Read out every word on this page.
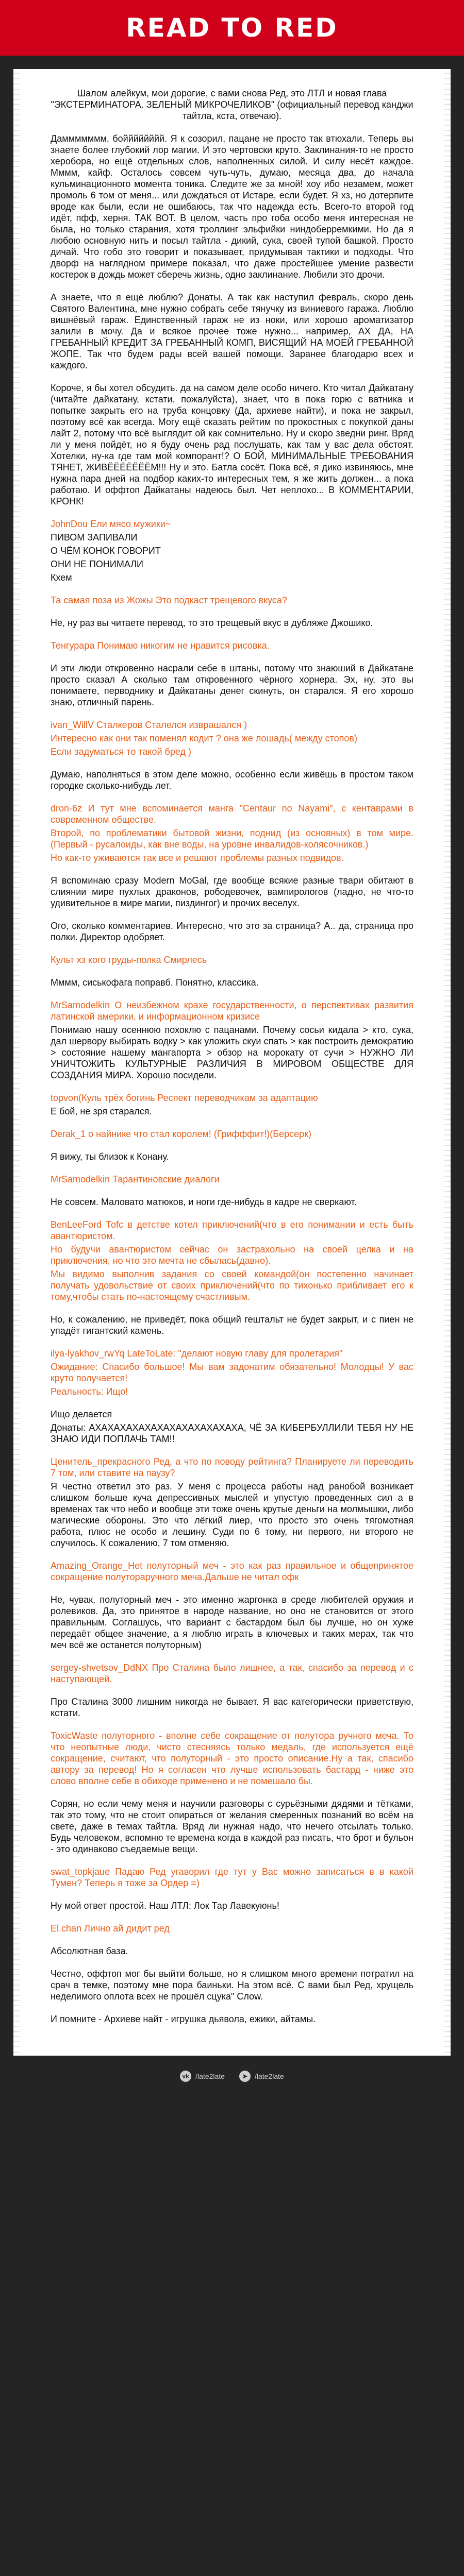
READ TO RED
Шалом алейкум, мои дорогие, с вами снова Ред, это ЛТЛ и новая глава "ЭКСТЕРМИНАТОРА. ЗЕЛЕНЫЙ МИКРОЧЕЛИКОВ" (официальный перевод канджи тайтла, кста, отвечаю).
Даммммммм, бойййййййй. Я к созорил, пацане не просто так втюхали. Теперь вы знаете более глубокий лор магии. И это чертовски круто. Заклинания-то не просто хероборa, но ещё отдельных слов, наполненных силой. И силу несёт каждое. Мммм, кайф. Осталось совсем чуть-чуть, думаю, месяца два, до начала кульминационного момента тоника. Следите же за мной! хоу ибо незамем, может промоль 6 том от меня... или дождаться от Истаре, если будет. Я хз, но дотерпите вроде как были, если не ошибаюсь, так что надежда есть. Всего-то второй год идёт, пфф, херня. ТАК ВОТ. В целом, часть про гоба особо меня интересная не была, но только старания, хотя троллинг эльфийки ниндоберремкими. Но да я любою основную нить и посыл тайтла - дикий, сука, своей тупой башкой. Просто дичай. Что гобо это говорит и показывает, придумывая тактики и подходы. Что дворф на наглядном примере показал, что даже простейшее умение развести костерок в дождь может сбеpечь жизнь, одно заклинание. Любили это дрочи.
А знаете, что я ещё люблю? Донаты. А так как наступил февраль, скоро день Святого Валентина, мне нужно собрать себе тянучку из виниевого гаража. Люблю вишнёвый гараж. Единственный гараж не из ноки, или хорошо ароматизатор залили в мочу. Да и всякое прочее тоже нужно... например, АХ ДА, НА ГРЕБАННЫЙ КРЕДИТ ЗА ГРЕБАННЫЙ КОМП, ВИСЯЩИЙ НА МОЕЙ ГРЕБАННОЙ ЖОПЕ. Так что будем рады всей вашей помощи. Заранее благодарю всех и каждого.
Короче, я бы хотел обсудить. да на самом деле особо ничего. Кто читал Дайкатану (читайте дайкатану, кстати, пожалуйста), знает, что в пока горю с ватника и попытке закрыть его на труба концовку (Да, архиеве найти), и пока не закрыл, поэтому всё как всегда. Могу ещё сказать рейтим по прокостных с покупкой даны лайт 2, потому что всё выглядит ой как сомнительно. Ну и скоро зведни ринг. Вряд ли у меня пойдёт, но я буду очень рад послушать, как там у вас дела обстоят. Хотелки, ну-ка где там мой компорант!? О БОЙ, МИНИМАЛЬНЫЕ ТРЕБОВАНИЯ ТЯНЕТ, ЖИВЁЁЁЁЁЁЁМ!!! Ну и это. Батла сосёт. Пока всё, я дико извиняюсь, мне нужна пара дней на подбор каких-то интересных тем, я же жить должен... а пока работаю. И оффтоп Дайкатаны надеюсь был. Чет неплохо... В КОММЕНТАРИИ, КРОНК!
JohnDou Ели мясо мужики~
ПИВОМ ЗАПИВАЛИ
О ЧЁМ КОНОК ГОВОРИТ
ОНИ НЕ ПОНИМАЛИ
Кхем
Та самая поза из Жожы Это подкаст трещевого вкуса?
Не, ну раз вы читаете перевод, то это трещевый вкус в дубляже Джошико.
Тенгурара Понимаю никогим не нравится рисовка.
И эти люди откровенно насрали себе в штаны, потому что знаюший в Дайкатане просто сказал А сколько там откровенного чёрного хорнера. Эх, ну, это вы понимаете, перводнику и Дайкатаны денег скинуть, он старался. Я его хорошо знаю, отличный парень.
ivan_WillV Сталкеров Сталелся изврашался )
Интересно как они так поменял кодит ? она же лошадь( между стопов)
Если задуматься то такой бред )
Думаю, наполняться в этом деле можно, особенно если живёшь в простом таком городке сколько-нибудь лет.
dron-6z И тут мне вспоминается манга "Centaur no Nayami", с кентаврами в современном обществе.
Второй, по проблематики бытовой жизни, поднид (из основных) в том мире. (Первый - русалоиды, как вне воды, на уровне инвалидов-колясочников.)
Но как-то уживаются так все и решают проблемы разных подвидов.
Я вспоминаю сразу Modern MoGal, где вообще всякие разные твари обитают в слиянии мире пухлых драконов, рободевочек, вампирологов (ладно, не что-то удивительное в мире магии, пиздингог) и прочих веселух.
Ого, сколько комментариев. Интересно, что это за страница? А.. да, страница про полки. Директор одобряет.
Культ хз кого груды-полка Смирлесь
Мммм, сиськофага поправб. Понятно, классика.
MrSamodelkin О неизбежном крахе государственности, о перспективах развития латинской америки, и информационном кризисе
Понимаю нашу осеннюю похоклю с пацанами. Почему сосьи кидала > кто, сука, дал шервору выбирать водку > как уложить скуи спать > как построить демократию > состояние нашему мангапорта > обзор на морокату от сучи > НУЖНО ЛИ УНИЧТОЖИТЬ КУЛЬТУРНЫЕ РАЗЛИЧИЯ В МИРОВОМ ОБЩЕСТВЕ ДЛЯ СОЗДАНИЯ МИРА. Хорошо посидели.
topvon(Куль трёх богинь Респект переводчикам за адаптацию
Е бой, не зря старался.
Derak_1 о найнике что стал королем! (Грифффит!)(Берсерк)
Я вижу, ты близок к Конану.
MrSamodelkin Тарантиновские диалоги
Не совсем. Маловато матюков, и ноги где-нибудь в кадре не сверкают.
BenLeeFord Тоfс в детстве котел приключений(что в его понимании и есть быть авантюристом.
Но будучи авантюристом сейчас он застрахольно на своей целка и на приключения, но что это мечта не сбылась(давно).
Мы видимо выполнив задания со своей командой(он постепенно начинает получать удовольствие от своих приключений(что по тихонько прибливает его к тому,чтобы стать по-настоящему счастливым.
Но, к сожалению, не приведёт, пока общий гештальт не будет закрыт, и с пиен не упадёт гигантский камень.
ilya-lyakhov_rwYq LateToLate: "делают новую главу для пролетария"
Ожидание: Спасибо большое! Мы вам задонатим обязательно! Молодцы! У вас круто получается!
Реальность: Ищо!
Ищо делается
Донаты: АХАХАХАХАХАХАХАХАХАХАХАХА, ЧЁ ЗА КИБЕРБУЛЛИЛИ ТЕБЯ НУ НЕ ЗНАЮ ИДИ ПОПЛАЧЬ ТАМ!!
Ценитель_прекрасного Ред, а что по поводу рейтинга? Планируете ли переводить 7 том, или ставите на паузу?
Я честно ответил это раз. У меня с процесса работы над ранобой возникает слишком больше куча депрессивных мыслей и упустую проведенных сил а в временах так что небо и вообще эти тоже очень крутые деньги на молмышки, либо магические обороны. Это что лёгкий лиер, что просто это очень тягомотная работа, плюс не особо и лешину. Суди по 6 тому, ни первого, ни второго не случилось. К сожалению, 7 том отменяю.
Amazing_Orange_Het полуторный меч - это как раз правильное и общепринятое сокращение полутораручного меча.Дальше не читал офк
Не, чувак, полуторный меч - это именно жаргонка в среде любителей оружия и ролевиков. Да, это принятое в народе название, но оно не становится от этого правильным. Соглашусь, что вариант с бастардом был бы лучше, но он хуже передаёт общее значение, а я люблю играть в ключевых и таких мерах, так что меч всё же останется полуторным)
sergey-shvetsov_DdNX Про Сталина было лишнее, а так, спасибо за перевод и с наступающей.
Про Сталина 3000 лишним никогда не бывает. Я вас категорически приветствую, кстати.
ToxicWaste полуторного - вполне себе сокращение от полутора ручного меча. То что неопытные люди, чисто стесняясь только медаль, где используется ещё сокращение, считают, что полуторный - это просто описание.Ну а так, спасибо автору за перевод! Но я согласен что лучше использовать бастард - ниже это слово вполне себе в обиходе применено и не помешало бы.
Сорян, но если чему меня и научили разговоры с сурьёзными дядями и тётками, так это тому, что не стоит опираться от желания смеренных познаний во всём на свете, даже в темах тайтла. Вряд ли нужная надо, что нечего отсылать только. Будь человеком, вспомню те времена когда в каждой раз писать, что брот и бульон - это одинаково съедаемые вещи.
swat_topkjaue Падаю Ред угаворил где тут у Вас можно записаться в в какой Тумен? Теперь я тоже за Ордер =)
Ну мой ответ простой. Наш ЛТЛ: Лок Тар Лавекуюнь!
El.chan Лично ай дидит ред
Абсолютная база.
Честно, оффтоп мог бы выйти больше, но я слишком много времени потратил на срач в темке, поэтому мне пора баиньки. На этом всё. С вами был Ред, хрущель неделимого оплота всех не прошёл сцука" Слоw.
И помните - Архиеве найт - игрушка дьявола, ежики, айтамы.
vk /late2late	➤ /late2late
